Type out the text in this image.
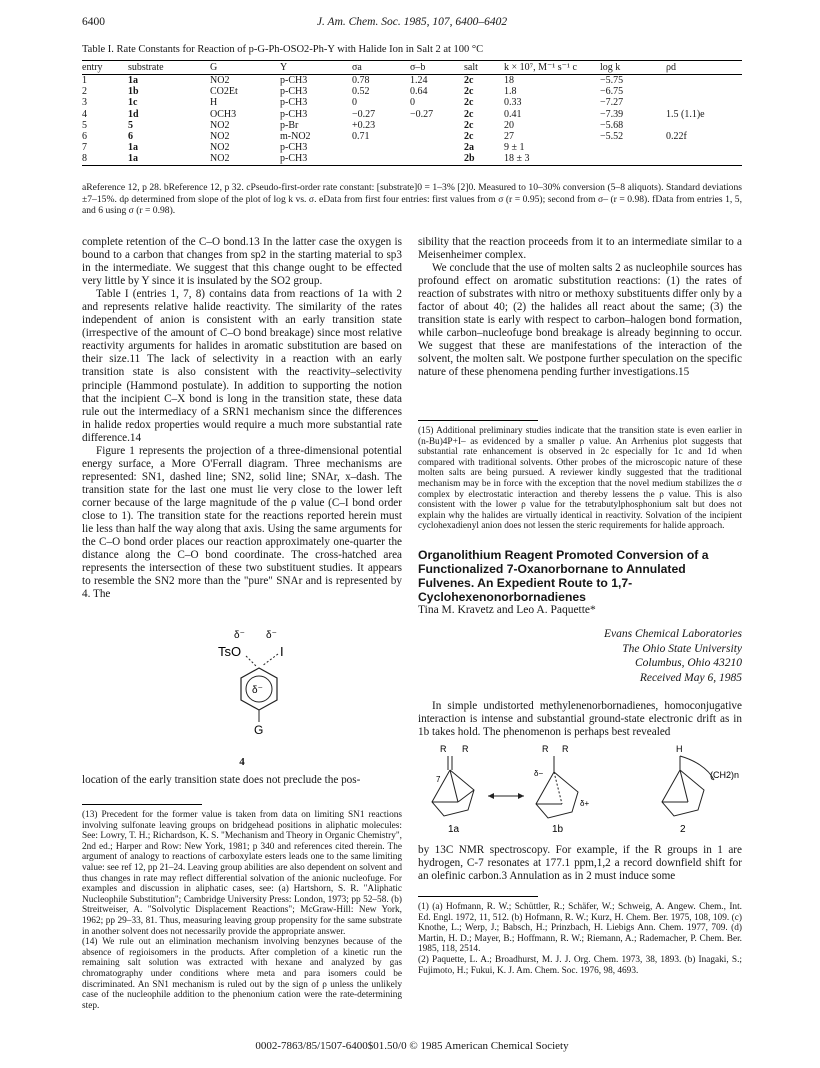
6400	J. Am. Chem. Soc. 1985, 107, 6400–6402
Table I. Rate Constants for Reaction of p-G-Ph-OSO2-Ph-Y with Halide Ion in Salt 2 at 100 °C
entry	substrate	G	Y	σa	σ–b	salt	k × 10⁷, M⁻¹ s⁻¹ c	log k	ρd
1	1a	NO2	p-CH3	0.78	1.24	2c	18	−5.75	
2	1b	CO2Et	p-CH3	0.52	0.64	2c	1.8	−6.75	
3	1c	H	p-CH3	0	0	2c	0.33	−7.27	
4	1d	OCH3	p-CH3	−0.27	−0.27	2c	0.41	−7.39	1.5 (1.1)e
5	5	NO2	p-Br	+0.23		2c	20	−5.68	
6	6	NO2	m-NO2	0.71		2c	27	−5.52	0.22f
7	1a	NO2	p-CH3			2a	9 ± 1		
8	1a	NO2	p-CH3			2b	18 ± 3		
aReference 12, p 28. bReference 12, p 32. cPseudo-first-order rate constant: [substrate]0 = 1–3% [2]0. Measured to 10–30% conversion (5–8 aliquots). Standard deviations ±7–15%. dρ determined from slope of the plot of log k vs. σ. eData from first four entries: first values from σ (r = 0.95); second from σ– (r = 0.98). fData from entries 1, 5, and 6 using σ (r = 0.98).

complete retention of the C–O bond.13 In the latter case the oxygen is bound to a carbon that changes from sp2 in the starting material to sp3 in the intermediate. We suggest that this change ought to be effected very little by Y since it is insulated by the SO2 group.

Table I (entries 1, 7, 8) contains data from reactions of 1a with 2 and represents relative halide reactivity. The similarity of the rates independent of anion is consistent with an early transition state (irrespective of the amount of C–O bond breakage) since most relative reactivity arguments for halides in aromatic substitution are based on their size.11 The lack of selectivity in a reaction with an early transition state is also consistent with the reactivity–selectivity principle (Hammond postulate). In addition to supporting the notion that the incipient C–X bond is long in the transition state, these data rule out the intermediacy of a SRN1 mechanism since the differences in halide redox properties would require a much more substantial rate difference.14

Figure 1 represents the projection of a three-dimensional potential energy surface, a More O'Ferrall diagram. Three mechanisms are represented: SN1, dashed line; SN2, solid line; SNAr, x–dash. The transition state for the last one must lie very close to the lower left corner because of the large magnitude of the ρ value (C–I bond order close to 1). The transition state for the reactions reported herein must lie less than half the way along that axis. Using the same arguments for the C–O bond order places our reaction approximately one-quarter the distance along the C–O bond coordinate. The cross-hatched area represents the intersection of these two substituent studies. It appears to resemble the SN2 more than the "pure" SNAr and is represented by 4. The

δ⁻ δ⁻
TsO	I
δ⁻
G
4
location of the early transition state does not preclude the pos-

(13) Precedent for the former value is taken from data on limiting SN1 reactions involving sulfonate leaving groups on bridgehead positions in aliphatic molecules: See: Lowry, T. H.; Richardson, K. S. "Mechanism and Theory in Organic Chemistry", 2nd ed.; Harper and Row: New York, 1981; p 340 and references cited therein. The argument of analogy to reactions of carboxylate esters leads one to the same limiting value: see ref 12, pp 21–24. Leaving group abilities are also dependent on solvent and thus changes in rate may reflect differential solvation of the anionic nucleofuge. For examples and discussion in aliphatic cases, see: (a) Hartshorn, S. R. "Aliphatic Nucleophile Substitution"; Cambridge University Press: London, 1973; pp 52–58. (b) Streitweiser, A. "Solvolytic Displacement Reactions"; McGraw-Hill: New York, 1962; pp 29–33, 81. Thus, measuring leaving group propensity for the same substrate in another solvent does not necessarily provide the appropriate answer.

(14) We rule out an elimination mechanism involving benzynes because of the absence of regioisomers in the products. After completion of a kinetic run the remaining salt solution was extracted with hexane and analyzed by gas chromatography under conditions where meta and para isomers could be discriminated. An SN1 mechanism is ruled out by the sign of ρ unless the unlikely case of the nucleophile addition to the phenonium cation were the rate-determining step.

sibility that the reaction proceeds from it to an intermediate similar to a Meisenheimer complex.

We conclude that the use of molten salts 2 as nucleophile sources has profound effect on aromatic substitution reactions: (1) the rates of reaction of substrates with nitro or methoxy substituents differ only by a factor of about 40; (2) the halides all react about the same; (3) the transition state is early with respect to carbon–halogen bond formation, while carbon–nucleofuge bond breakage is already beginning to occur. We suggest that these are manifestations of the interaction of the solvent, the molten salt. We postpone further speculation on the specific nature of these phenomena pending further investigations.15

(15) Additional preliminary studies indicate that the transition state is even earlier in (n-Bu)4P+I– as evidenced by a smaller ρ value. An Arrhenius plot suggests that substantial rate enhancement is observed in 2c especially for 1c and 1d when compared with traditional solvents. Other probes of the microscopic nature of these molten salts are being pursued. A reviewer kindly suggested that the traditional mechanism may be in force with the exception that the novel medium stabilizes the σ complex by electrostatic interaction and thereby lessens the ρ value. This is also consistent with the lower ρ value for the tetrabutylphosphonium salt but does not explain why the halides are virtually identical in reactivity. Solvation of the incipient cyclohexadienyl anion does not lessen the steric requirements for halide approach.
Organolithium Reagent Promoted Conversion of a Functionalized 7-Oxanorbornane to Annulated Fulvenes. An Expedient Route to 1,7-Cyclohexenonorbornadienes
Tina M. Kravetz and Leo A. Paquette*
Evans Chemical Laboratories
The Ohio State University
Columbus, Ohio 43210
Received May 6, 1985
In simple undistorted methylenenorbornadienes, homoconjugative interaction is intense and substantial ground-state electronic drift as in 1b takes hold. The phenomenon is perhaps best revealed
R R
7
R R
δ−
δ+
H
(CH2)n
1a	1b	2
by 13C NMR spectroscopy. For example, if the R groups in 1 are hydrogen, C-7 resonates at 177.1 ppm,1,2 a record downfield shift for an olefinic carbon.3 Annulation as in 2 must induce some

(1) (a) Hofmann, R. W.; Schüttler, R.; Schäfer, W.; Schweig, A. Angew. Chem., Int. Ed. Engl. 1972, 11, 512. (b) Hofmann, R. W.; Kurz, H. Chem. Ber. 1975, 108, 109. (c) Knothe, L.; Werp, J.; Babsch, H.; Prinzbach, H. Liebigs Ann. Chem. 1977, 709. (d) Martin, H. D.; Mayer, B.; Hoffmann, R. W.; Riemann, A.; Rademacher, P. Chem. Ber. 1985, 118, 2514.

(2) Paquette, L. A.; Broadhurst, M. J. J. Org. Chem. 1973, 38, 1893. (b) Inagaki, S.; Fujimoto, H.; Fukui, K. J. Am. Chem. Soc. 1976, 98, 4693.

0002-7863/85/1507-6400$01.50/0 © 1985 American Chemical Society
